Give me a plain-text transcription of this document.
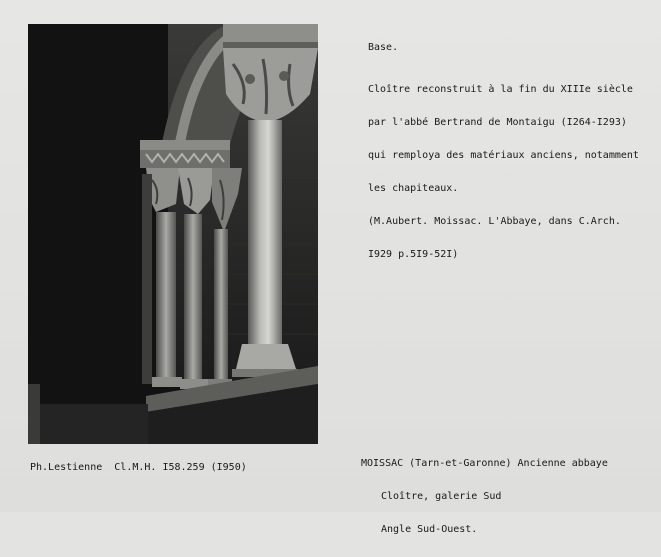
Base.

Cloître reconstruit à la fin du XIIIe siècle

par l'abbé Bertrand de Montaigu (I264-I293)

qui remploya des matériaux anciens, notamment

les chapiteaux.

(M.Aubert. Moissac. L'Abbaye, dans C.Arch.

I929 p.5I9-52I)

MOISSAC (Tarn-et-Garonne) Ancienne abbaye

Cloître, galerie Sud

Angle Sud-Ouest.

Ph.Lestienne  Cl.M.H. I58.259 (I950)
